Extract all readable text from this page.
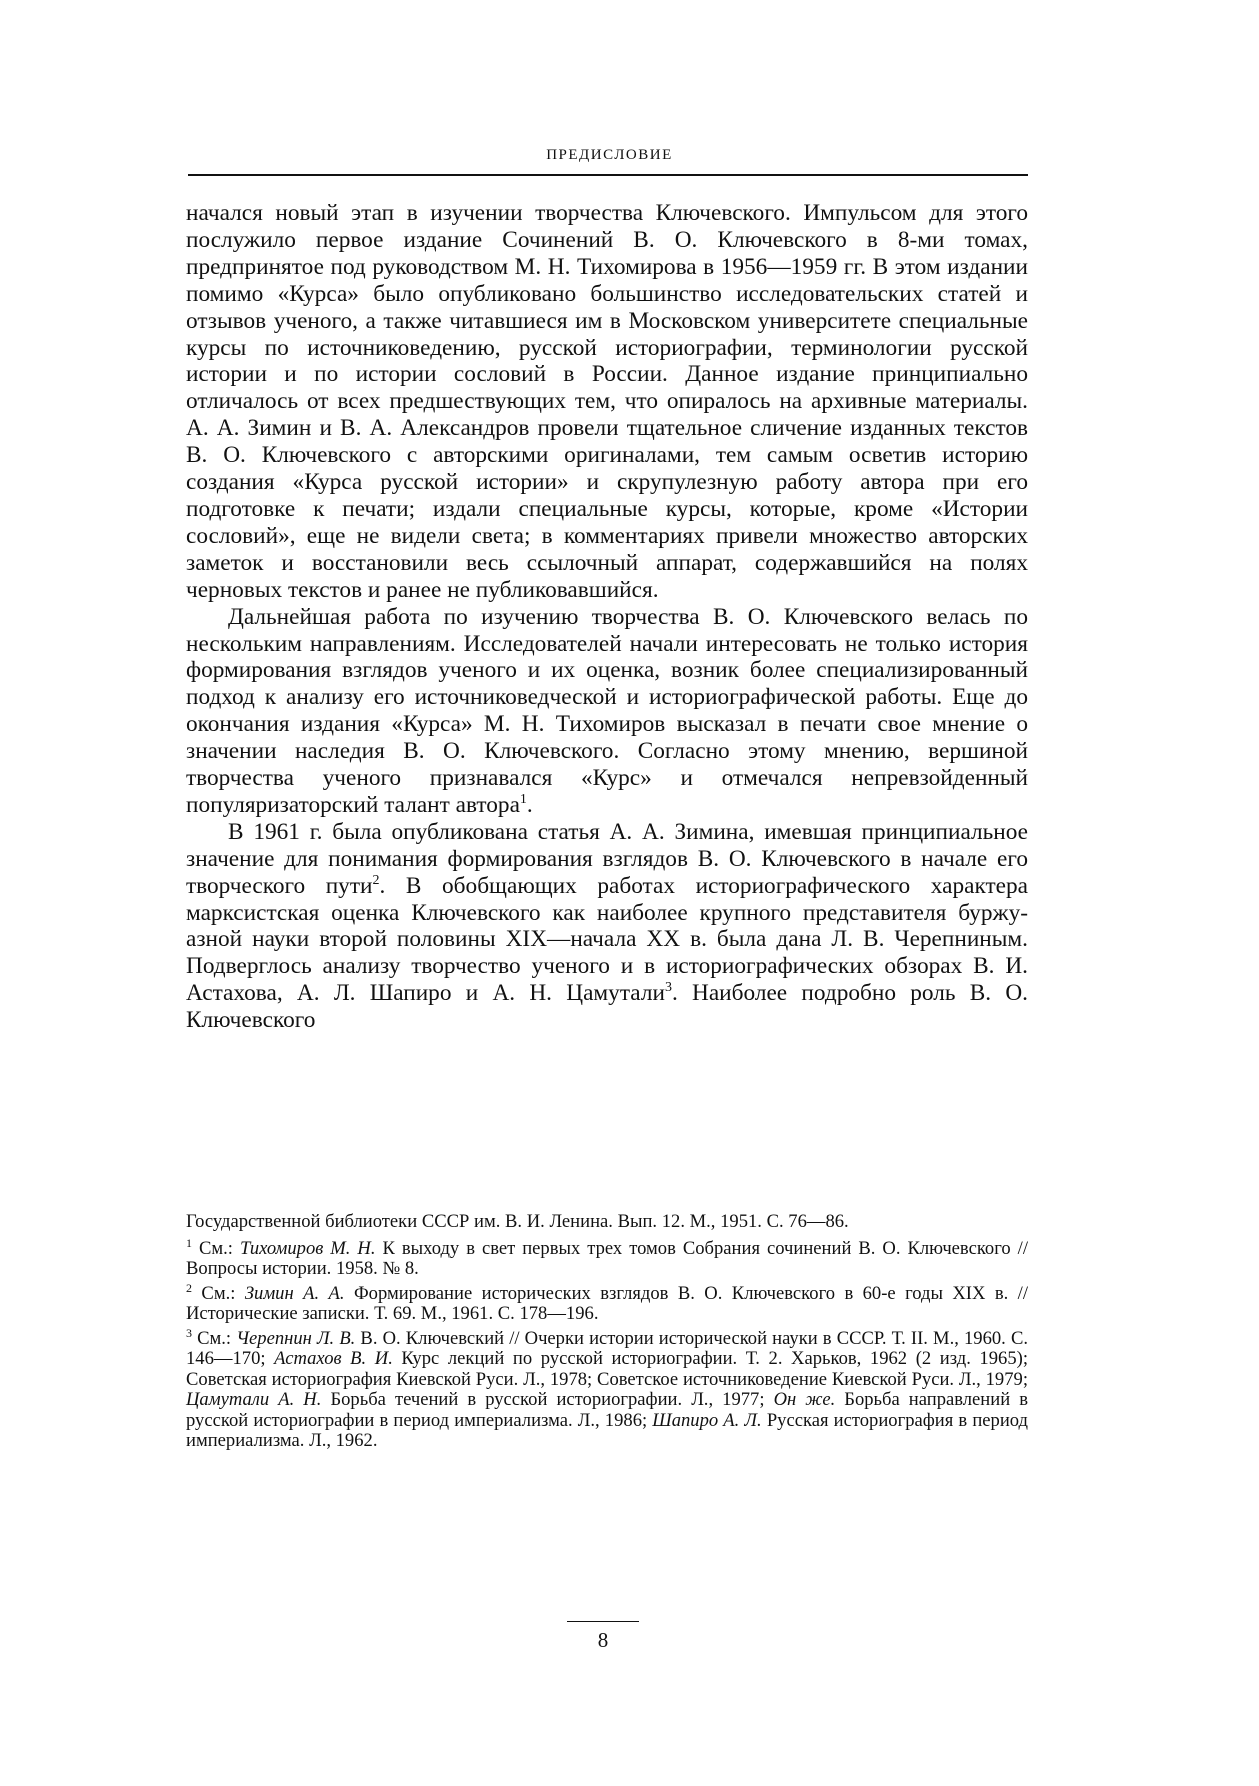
ПРЕДИСЛОВИЕ

начался новый этап в изучении творчества Ключевского. Импульсом для этого послужило первое издание Сочинений В. О. Ключевского в 8-ми томах, предпринятое под руководством М. Н. Тихомирова в 1956—1959 гг. В этом издании помимо «Курса» было опубликовано большинство исследовательских статей и отзывов ученого, а также читавшиеся им в Московском университете специальные курсы по источниковедению, русской историографии, терминологии русской истории и по истории сословий в России. Данное издание принципиально отличалось от всех предшествующих тем, что опиралось на архивные материалы. А. А. Зимин и В. А. Александров провели тщательное сличение изданных текстов В. О. Ключевского с авторскими оригиналами, тем самым осветив историю создания «Курса русской истории» и скрупулезную работу автора при его подготовке к печати; издали специальные курсы, которые, кроме «Истории сословий», еще не видели света; в комментариях привели множество авторских заметок и восстановили весь ссылочный аппарат, содержавшийся на полях черновых текстов и ранее не публиковавшийся.

Дальнейшая работа по изучению творчества В. О. Ключевского велась по нескольким направлениям. Исследователей начали интересовать не только история формирования взглядов ученого и их оценка, возник более специализированный подход к анализу его источниковедческой и историографической работы. Еще до окончания издания «Курса» М. Н. Тихомиров высказал в печати свое мнение о значении наследия В. О. Ключевского. Согласно этому мнению, вершиной творчества ученого признавался «Курс» и отмечался непревзойденный популяризаторский талант автора$^1$.

В 1961 г. была опубликована статья А. А. Зимина, имевшая принципиальное значение для понимания формирования взглядов В. О. Ключевского в начале его творческого пути$^2$. В обобщающих работах историографического характера марксистская оценка Ключевского как наиболее крупного представителя буржуазной науки второй половины XIX—начала XX в. была дана Л. В. Черепниным. Подверглось анализу творчество ученого и в историографических обзорах В. И. Астахова, А. Л. Шапиро и А. Н. Цамутали$^3$. Наиболее подробно роль В. О. Ключевского

Государственной библиотеки СССР им. В. И. Ленина. Вып. 12. М., 1951. С. 76—86.

$^1$ См.: Тихомиров М. Н. К выходу в свет первых трех томов Собрания сочинений В. О. Ключевского // Вопросы истории. 1958. № 8.

$^2$ См.: Зимин А. А. Формирование исторических взглядов В. О. Ключевского в 60-е годы XIX в. // Исторические записки. Т. 69. М., 1961. С. 178—196.

$^3$ См.: Черепнин Л. В. В. О. Ключевский // Очерки истории исторической науки в СССР. Т. II. М., 1960. С. 146—170; Астахов В. И. Курс лекций по русской историографии. Т. 2. Харьков, 1962 (2 изд. 1965); Советская историография Киевской Руси. Л., 1978; Советское источниковедение Киевской Руси. Л., 1979; Цамутали А. Н. Борьба течений в русской историографии. Л., 1977; Он же. Борьба направлений в русской историографии в период империализма. Л., 1986; Шапиро А. Л. Русская историография в период империализма. Л., 1962.

8
